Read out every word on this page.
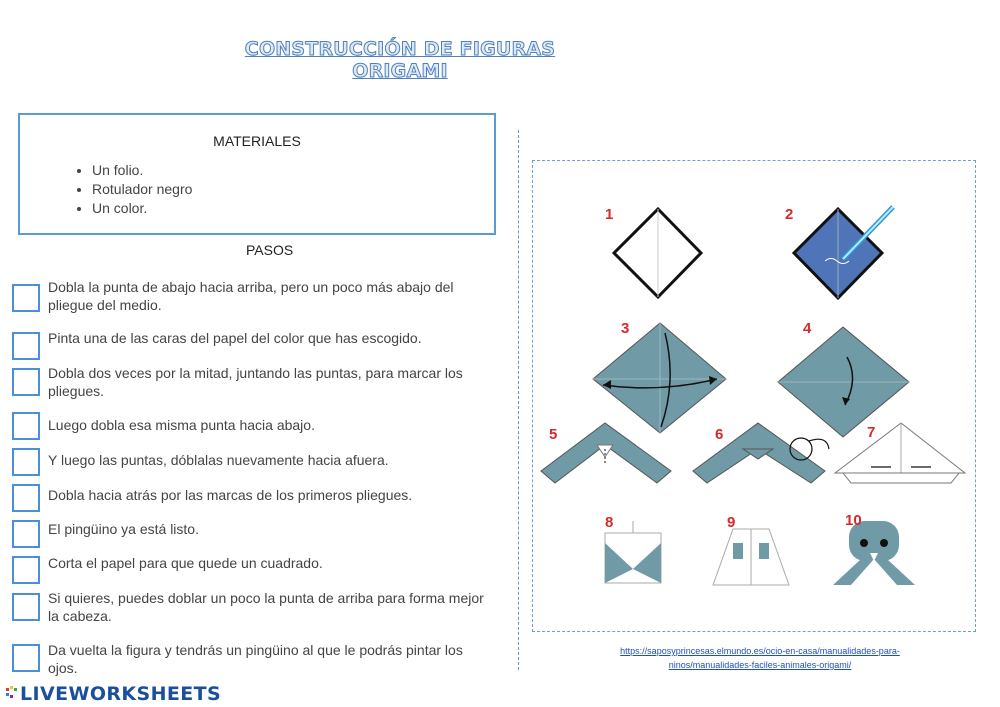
CONSTRUCCIÓN DE FIGURAS ORIGAMI
MATERIALES
• Un folio.
• Rotulador negro
• Un color.
PASOS
Dobla la punta de abajo hacia arriba, pero un poco más abajo del pliegue del medio.
Pinta una de las caras del papel del color que has escogido.
Dobla dos veces por la mitad, juntando las puntas, para marcar los pliegues.
Luego dobla esa misma punta hacia abajo.
Y luego las puntas, dóblalas nuevamente hacia afuera.
Dobla hacia atrás por las marcas de los primeros pliegues.
El pingüino ya está listo.
Corta el papel para que quede un cuadrado.
Si quieres, puedes doblar un poco la punta de arriba para forma mejor la cabeza.
Da vuelta la figura y tendrás un pingüino al que le podrás pintar los ojos.
1	2
3	4
5	6	7
8	9	10
https://saposyprincesas.elmundo.es/ocio-en-casa/manualidades-para-
ninos/manualidades-faciles-animales-origami/
LIVEWORKSHEETS
